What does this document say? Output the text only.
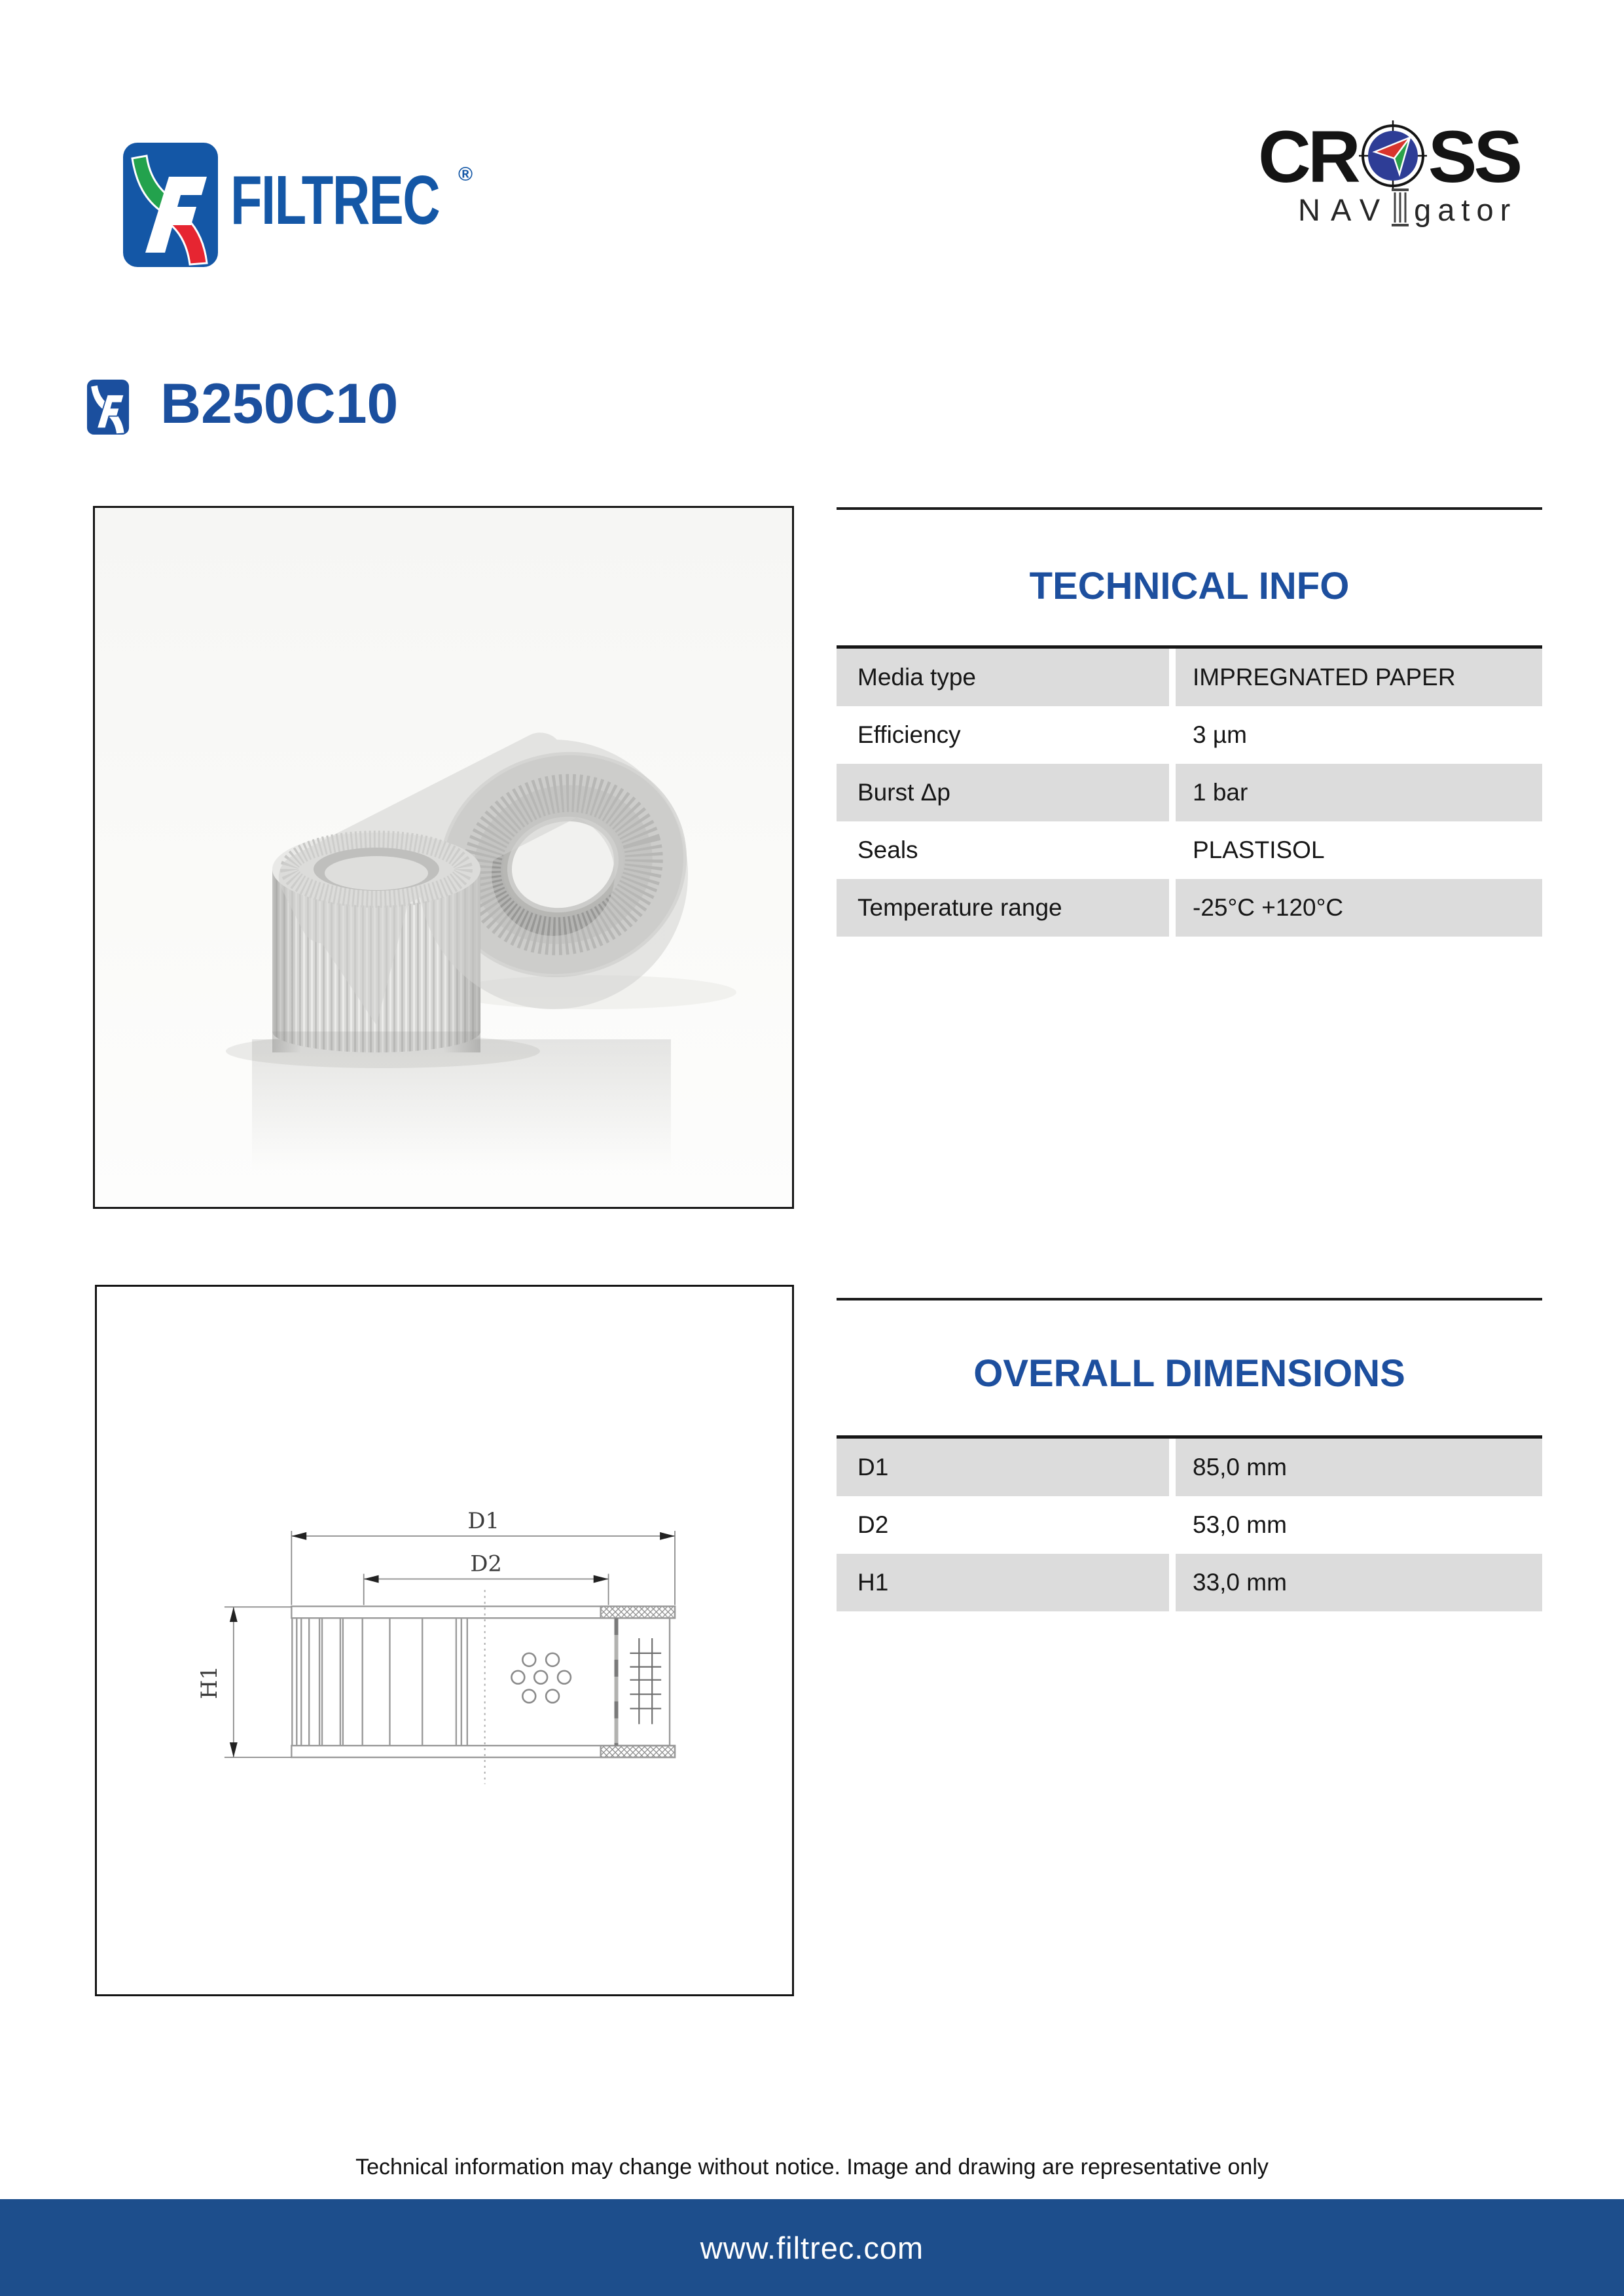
FILTREC ®	CR SS
NAV gator
B250C10
D1
D2
H1
TECHNICAL INFO
Media type	IMPREGNATED PAPER
Efficiency	3 µm
Burst Δp	1 bar
Seals	PLASTISOL
Temperature range	-25°C +120°C
OVERALL DIMENSIONS
D1	85,0 mm
D2	53,0 mm
H1	33,0 mm
Technical information may change without notice. Image and drawing are representative only
www.filtrec.com
